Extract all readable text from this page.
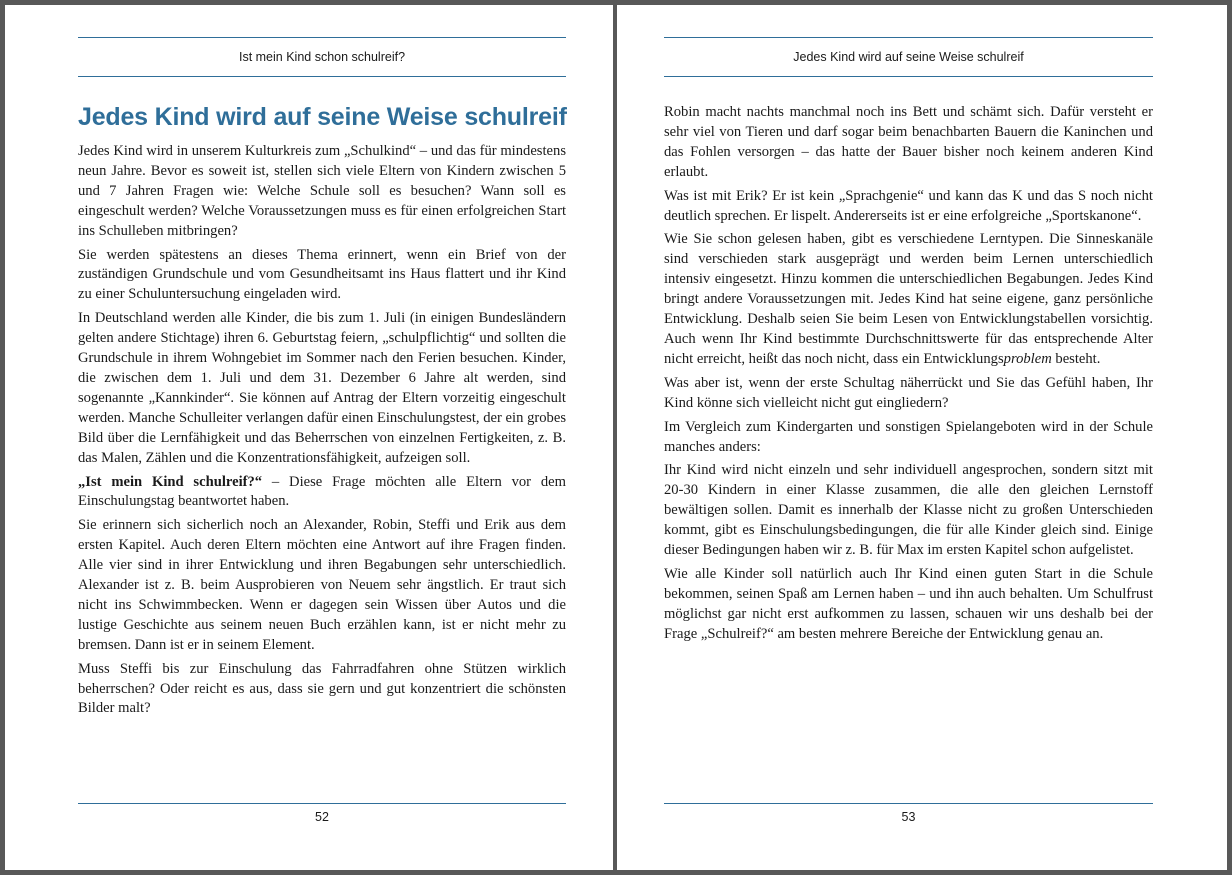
Ist mein Kind schon schulreif?
Jedes Kind wird auf seine Weise schulreif

Jedes Kind wird in unserem Kulturkreis zum „Schulkind“ – und das für mindestens neun Jahre. Bevor es soweit ist, stellen sich viele Eltern von Kindern zwischen 5 und 7 Jahren Fragen wie: Welche Schule soll es besuchen? Wann soll es eingeschult werden? Welche Voraussetzungen muss es für einen erfolgreichen Start ins Schulleben mitbringen?

Sie werden spätestens an dieses Thema erinnert, wenn ein Brief von der zuständigen Grundschule und vom Gesundheitsamt ins Haus flattert und ihr Kind zu einer Schuluntersuchung eingeladen wird.

In Deutschland werden alle Kinder, die bis zum 1. Juli (in einigen Bundesländern gelten andere Stichtage) ihren 6. Geburtstag feiern, „schulpflichtig“ und sollten die Grundschule in ihrem Wohngebiet im Sommer nach den Ferien besuchen. Kinder, die zwischen dem 1. Juli und dem 31. Dezember 6 Jahre alt werden, sind sogenannte „Kannkinder“. Sie können auf Antrag der Eltern vorzeitig eingeschult werden. Manche Schulleiter verlangen dafür einen Einschulungstest, der ein grobes Bild über die Lernfähigkeit und das Beherrschen von einzelnen Fertigkeiten, z. B. das Malen, Zählen und die Konzentrationsfähigkeit, aufzeigen soll.

„Ist mein Kind schulreif?“ – Diese Frage möchten alle Eltern vor dem Einschulungstag beantwortet haben.

Sie erinnern sich sicherlich noch an Alexander, Robin, Steffi und Erik aus dem ersten Kapitel. Auch deren Eltern möchten eine Antwort auf ihre Fragen finden. Alle vier sind in ihrer Entwicklung und ihren Begabungen sehr unterschiedlich. Alexander ist z. B. beim Ausprobieren von Neuem sehr ängstlich. Er traut sich nicht ins Schwimmbecken. Wenn er dagegen sein Wissen über Autos und die lustige Geschichte aus seinem neuen Buch erzählen kann, ist er nicht mehr zu bremsen. Dann ist er in seinem Element.

Muss Steffi bis zur Einschulung das Fahrradfahren ohne Stützen wirklich beherrschen? Oder reicht es aus, dass sie gern und gut konzentriert die schönsten Bilder malt?

52
Jedes Kind wird auf seine Weise schulreif

Robin macht nachts manchmal noch ins Bett und schämt sich. Dafür versteht er sehr viel von Tieren und darf sogar beim benachbarten Bauern die Kaninchen und das Fohlen versorgen – das hatte der Bauer bisher noch keinem anderen Kind erlaubt.

Was ist mit Erik? Er ist kein „Sprachgenie“ und kann das K und das S noch nicht deutlich sprechen. Er lispelt. Andererseits ist er eine erfolgreiche „Sportskanone“.

Wie Sie schon gelesen haben, gibt es verschiedene Lerntypen. Die Sinneskanäle sind verschieden stark ausgeprägt und werden beim Lernen unterschiedlich intensiv eingesetzt. Hinzu kommen die unterschiedlichen Begabungen. Jedes Kind bringt andere Voraussetzungen mit. Jedes Kind hat seine eigene, ganz persönliche Entwicklung. Deshalb seien Sie beim Lesen von Entwicklungstabellen vorsichtig. Auch wenn Ihr Kind bestimmte Durchschnittswerte für das entsprechende Alter nicht erreicht, heißt das noch nicht, dass ein Entwicklungsproblem besteht.

Was aber ist, wenn der erste Schultag näherrückt und Sie das Gefühl haben, Ihr Kind könne sich vielleicht nicht gut eingliedern?

Im Vergleich zum Kindergarten und sonstigen Spielangeboten wird in der Schule manches anders:

Ihr Kind wird nicht einzeln und sehr individuell angesprochen, sondern sitzt mit 20-30 Kindern in einer Klasse zusammen, die alle den gleichen Lernstoff bewältigen sollen. Damit es innerhalb der Klasse nicht zu großen Unterschieden kommt, gibt es Einschulungsbedingungen, die für alle Kinder gleich sind. Einige dieser Bedingungen haben wir z. B. für Max im ersten Kapitel schon aufgelistet.

Wie alle Kinder soll natürlich auch Ihr Kind einen guten Start in die Schule bekommen, seinen Spaß am Lernen haben – und ihn auch behalten. Um Schulfrust möglichst gar nicht erst aufkommen zu lassen, schauen wir uns deshalb bei der Frage „Schulreif?“ am besten mehrere Bereiche der Entwicklung genau an.

53
